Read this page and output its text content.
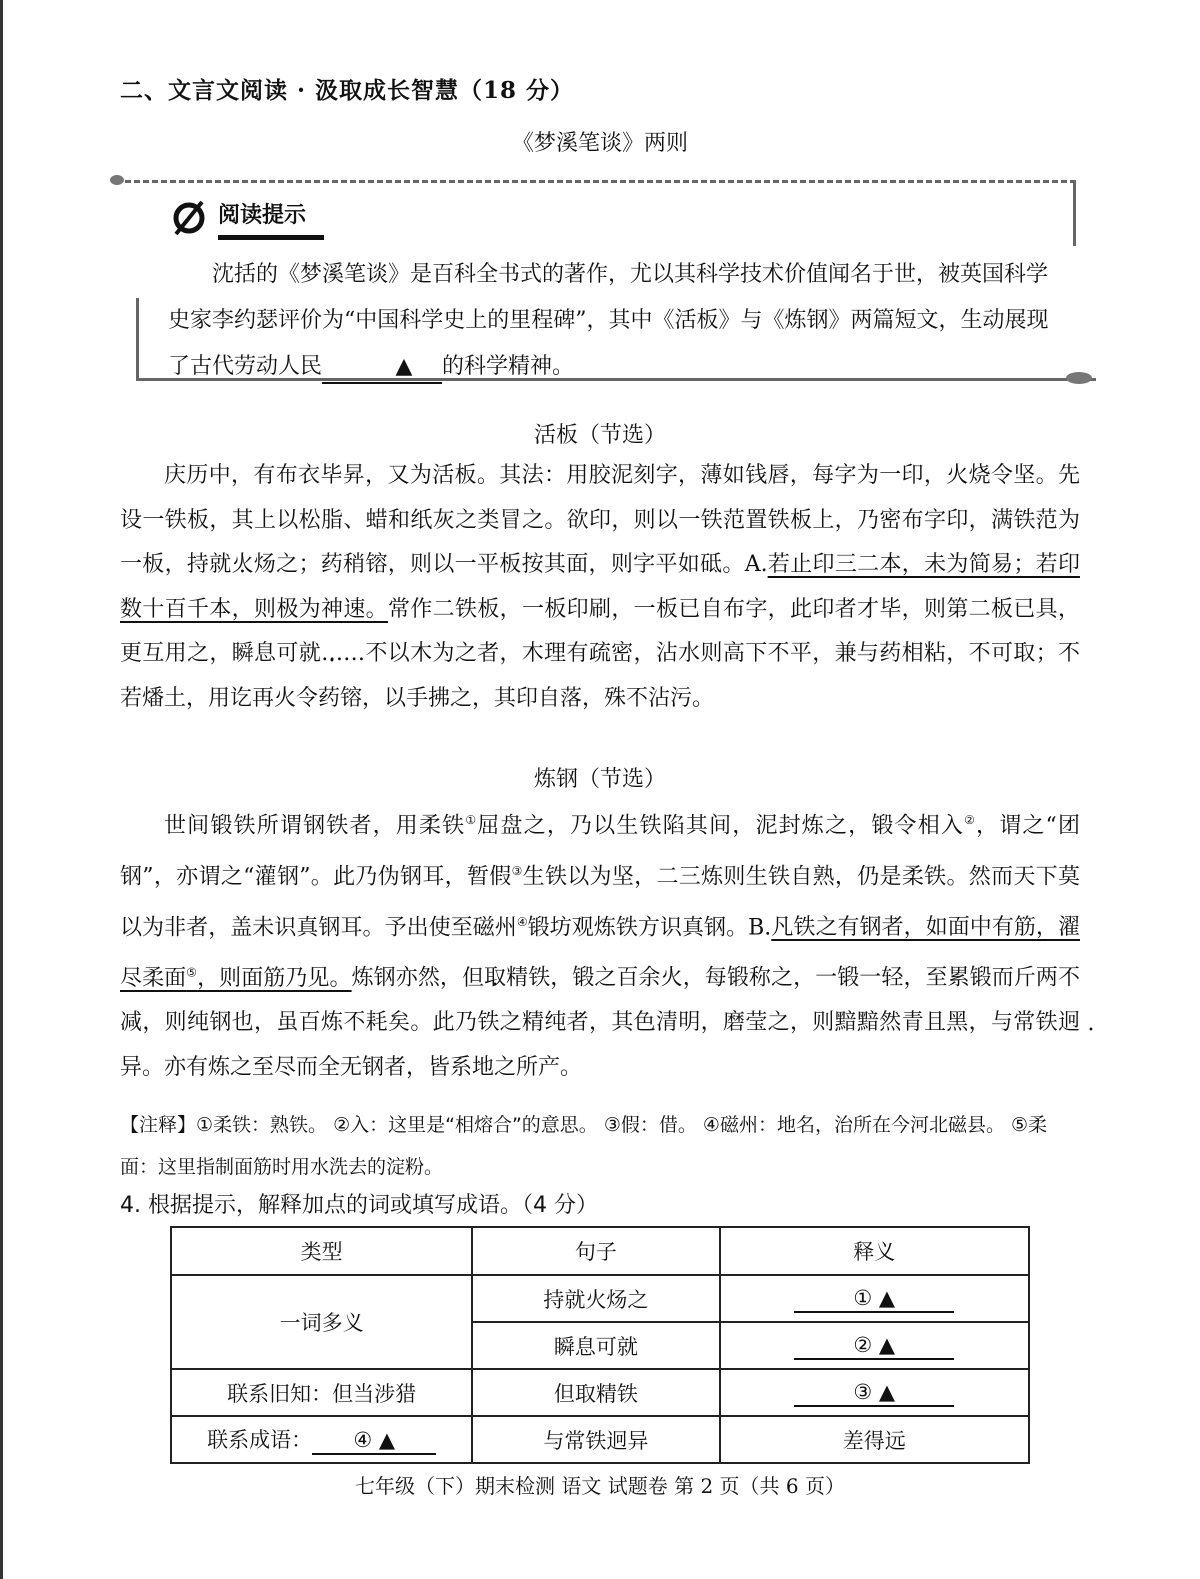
二、文言文阅读 · 汲取成长智慧（18 分）
《梦溪笔谈》两则
阅读提示
沈括的《梦溪笔谈》是百科全书式的著作，尤以其科学技术价值闻名于世，被英国科学史家李约瑟评价为“中国科学史上的里程碑”，其中《活板》与《炼钢》两篇短文，生动展现了古代劳动人民	▲ 的科学精神。
活板（节选）
庆历中，有布衣毕昇，又为活板。其法：用胶泥刻字，薄如钱唇，每字为一印，火烧令坚。先设一铁板，其上以松脂、蜡和纸灰之类冒之。欲印，则以一铁范置铁板上，乃密布字印，满铁范为一板，持就火炀之；药稍镕，则以一平板按其面，则字平如砥。A.若止印三二本，未为简易；若印数十百千本，则极为神速。常作二铁板，一板印刷，一板已自布字，此印者才毕，则第二板已具，更互用之，瞬息可就……不以木为之者，木理有疏密，沾水则高下不平，兼与药相粘，不可取；不若燔土，用讫再火令药镕，以手拂之，其印自落，殊不沾污。
炼钢（节选）
世间锻铁所谓钢铁者，用柔铁①屈盘之，乃以生铁陷其间，泥封炼之，锻令相入②，谓之“团钢”，亦谓之“灌钢”。此乃伪钢耳，暂假③生铁以为坚，二三炼则生铁自熟，仍是柔铁。然而天下莫以为非者，盖未识真钢耳。予出使至磁州④锻坊观炼铁方识真钢。B.凡铁之有钢者，如面中有筋，濯尽柔面⑤，则面筋乃见。炼钢亦然，但取精铁，锻之百余火，每锻称之，一锻一轻，至累锻而斤两不减，则纯钢也，虽百炼不耗矣。此乃铁之精纯者，其色清明，磨莹之，则黯黯然青且黑，与常铁迥异。亦有炼之至尽而全无钢者，皆系地之所产。
【注释】①柔铁：熟铁。 ②入：这里是“相熔合”的意思。 ③假：借。 ④磁州：地名，治所在今河北磁县。 ⑤柔面：这里指制面筋时用水洗去的淀粉。
4. 根据提示，解释加点的词或填写成语。（4 分）
类型	句子	释义
一词多义	持就火炀之	① ▲
	瞬息可就	② ▲
联系旧知：但当涉猎	但取精铁	③ ▲
联系成语： ④ ▲	与常铁迥异	差得远
七年级（下）期末检测 语文 试题卷 第 2 页（共 6 页）
